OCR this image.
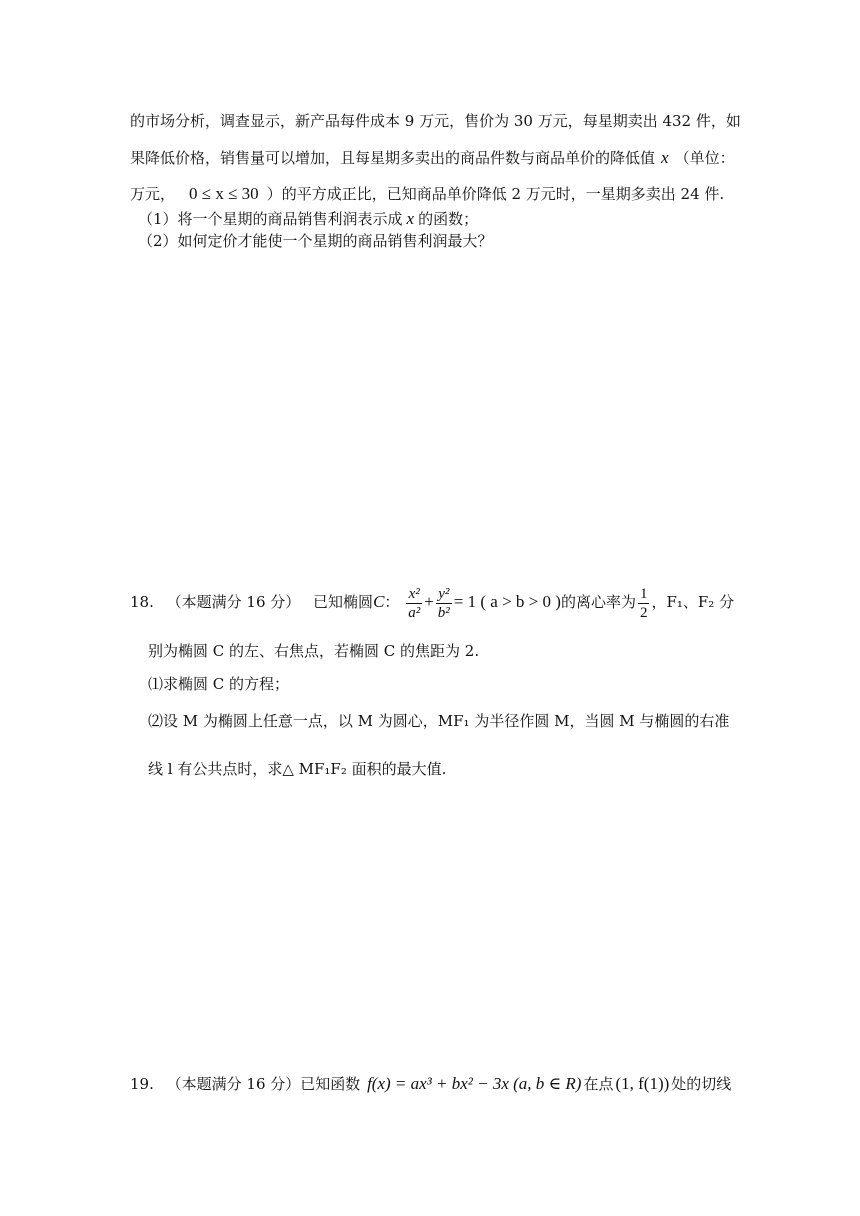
的市场分析，调查显示，新产品每件成本 9 万元，售价为 30 万元，每星期卖出 432 件，如
果降低价格，销售量可以增加，且每星期多卖出的商品件数与商品单价的降低值 x （单位：
万元， 0 ≤ x ≤ 30 ）的平方成正比，已知商品单价降低 2 万元时，一星期多卖出 24 件.
（1）将一个星期的商品销售利润表示成 x 的函数；
（2）如何定价才能使一个星期的商品销售利润最大？
18. （本题满分 16 分） 已知椭圆C： $\frac{\text{x²}}{\text{a²}} + \frac{\text{y²}}{\text{b²}} = 1$ ( a > b > 0 )的离心率为 $\frac{1}{2}$ ，F₁、F₂ 分
别为椭圆 C 的左、右焦点，若椭圆 C 的焦距为 2.
⑴求椭圆 C 的方程；
⑵设 M 为椭圆上任意一点，以 M 为圆心，MF₁ 为半径作圆 M，当圆 M 与椭圆的右准
线 l 有公共点时，求△ MF₁F₂ 面积的最大值.
19. （本题满分 16 分）已知函数 f(x) = ax³ + bx² − 3x (a, b ∈ R) 在点 (1, f(1)) 处的切线
